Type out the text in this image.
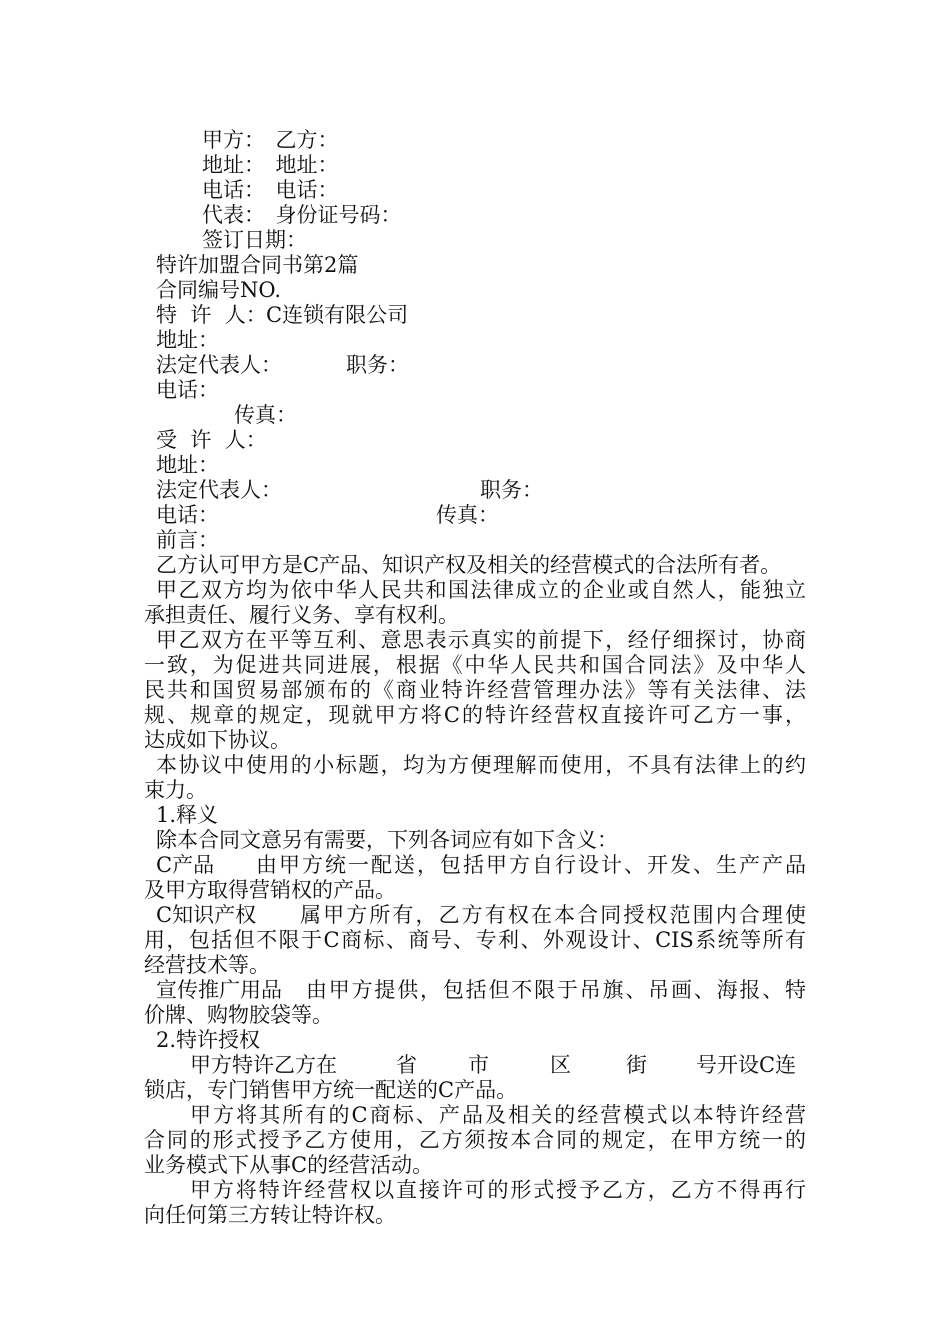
甲方：　乙方：
地址：　地址：
电话：　电话：
代表：　身份证号码：
签订日期：
特许加盟合同书第2篇
合同编号NO.
特  许  人： C连锁有限公司
地址：
法定代表人：	职务：
电话：
传真：
受  许  人：
地址：
法定代表人：	职务：
电话：	传真：
前言：
乙方认可甲方是C产品、知识产权及相关的经营模式的合法所有者。
甲乙双方均为依中华人民共和国法律成立的企业或自然人，能独立
承担责任、履行义务、享有权利。
甲乙双方在平等互利、意思表示真实的前提下，经仔细探讨，协商
一致，为促进共同进展，根据《中华人民共和国合同法》及中华人
民共和国贸易部颁布的《商业特许经营管理办法》等有关法律、法
规、规章的规定，现就甲方将C的特许经营权直接许可乙方一事，
达成如下协议。
本协议中使用的小标题，均为方便理解而使用，不具有法律上的约
束力。
1.释义
除本合同文意另有需要，下列各词应有如下含义：
C产品 由甲方统一配送，包括甲方自行设计、开发、生产产品
及甲方取得营销权的产品。
C知识产权 属甲方所有，乙方有权在本合同授权范围内合理使
用，包括但不限于C商标、商号、专利、外观设计、CIS系统等所有
经营技术等。
宣传推广用品 由甲方提供，包括但不限于吊旗、吊画、海报、特
价牌、购物胶袋等。
2.特许授权
甲方特许乙方在	省 市	区	街 号开设C连
锁店，专门销售甲方统一配送的C产品。
甲方将其所有的C商标、产品及相关的经营模式以本特许经营
合同的形式授予乙方使用，乙方须按本合同的规定，在甲方统一的
业务模式下从事C的经营活动。
甲方将特许经营权以直接许可的形式授予乙方，乙方不得再行
向任何第三方转让特许权。
